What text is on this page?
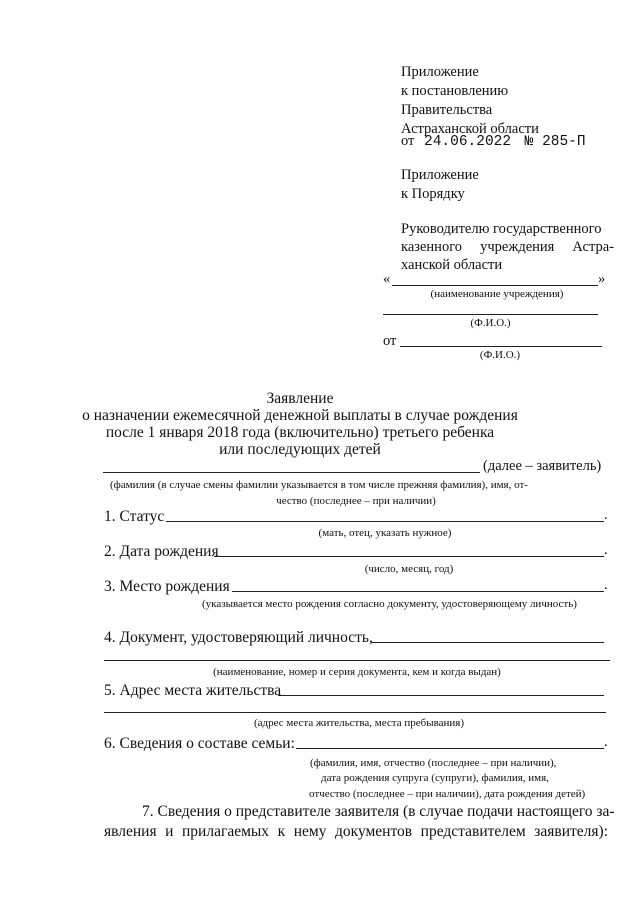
Приложение
к постановлению
Правительства
Астраханской области
от 24.06.2022 № 285-П
Приложение
к Порядку
Руководителю государственного
казенного учреждения Астра-
ханской области
«	»
(наименование учреждения)
(Ф.И.О.)
от
(Ф.И.О.)
Заявление
о назначении ежемесячной денежной выплаты в случае рождения
после 1 января 2018 года (включительно) третьего ребенка
или последующих детей
(далее – заявитель)
(фамилия (в случае смены фамилии указывается в том числе прежняя фамилия), имя, от-
чество (последнее – при наличии)
1. Статус	.
(мать, отец, указать нужное)
2. Дата рождения	.
(число, месяц, год)
3. Место рождения	.
(указывается место рождения согласно документу, удостоверяющему личность)
4. Документ, удостоверяющий личность,
(наименование, номер и серия документа, кем и когда выдан)
5. Адрес места жительства
(адрес места жительства, места пребывания)
6. Сведения о составе семьи:	.
(фамилия, имя, отчество (последнее – при наличии),
дата рождения супруга (супруги), фамилия, имя,
отчество (последнее – при наличии), дата рождения детей)
7. Сведения о представителе заявителя (в случае подачи настоящего за-
явления и прилагаемых к нему документов представителем заявителя):
